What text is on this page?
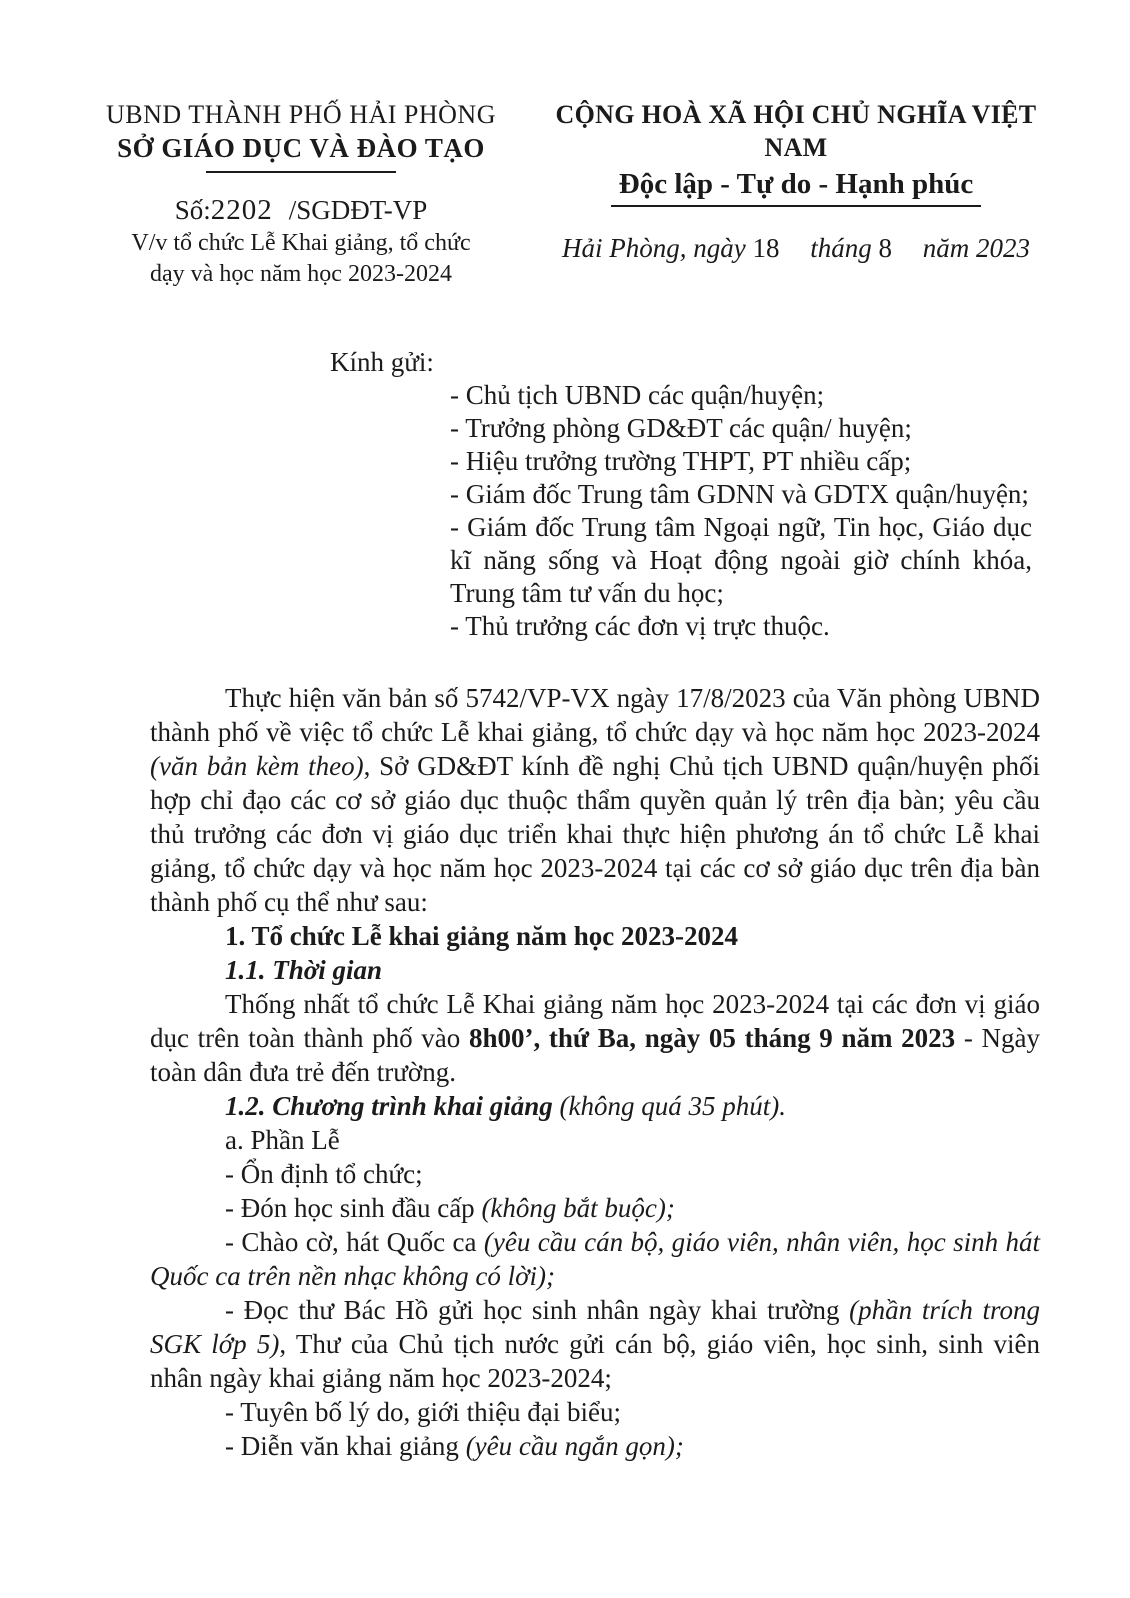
UBND THÀNH PHỐ HẢI PHÒNG
SỞ GIÁO DỤC VÀ ĐÀO TẠO
Số:2202 /SGDĐT-VP
V/v tổ chức Lễ Khai giảng, tổ chức dạy và học năm học 2023-2024
CỘNG HOÀ XÃ HỘI CHỦ NGHĨA VIỆT NAM
Độc lập - Tự do - Hạnh phúc
Hải Phòng, ngày 18 tháng 8 năm 2023
Kính gửi:

- Chủ tịch UBND các quận/huyện;

- Trưởng phòng GD&ĐT các quận/ huyện;

- Hiệu trưởng trường THPT, PT nhiều cấp;

- Giám đốc Trung tâm GDNN và GDTX quận/huyện;

- Giám đốc Trung tâm Ngoại ngữ, Tin học, Giáo dục kĩ năng sống và Hoạt động ngoài giờ chính khóa, Trung tâm tư vấn du học;

- Thủ trưởng các đơn vị trực thuộc.

Thực hiện văn bản số 5742/VP-VX ngày 17/8/2023 của Văn phòng UBND thành phố về việc tổ chức Lễ khai giảng, tổ chức dạy và học năm học 2023-2024 (văn bản kèm theo), Sở GD&ĐT kính đề nghị Chủ tịch UBND quận/huyện phối hợp chỉ đạo các cơ sở giáo dục thuộc thẩm quyền quản lý trên địa bàn; yêu cầu thủ trưởng các đơn vị giáo dục triển khai thực hiện phương án tổ chức Lễ khai giảng, tổ chức dạy và học năm học 2023-2024 tại các cơ sở giáo dục trên địa bàn thành phố cụ thể như sau:

1. Tổ chức Lễ khai giảng năm học 2023-2024

1.1. Thời gian

Thống nhất tổ chức Lễ Khai giảng năm học 2023-2024 tại các đơn vị giáo dục trên toàn thành phố vào 8h00’, thứ Ba, ngày 05 tháng 9 năm 2023 - Ngày toàn dân đưa trẻ đến trường.

1.2. Chương trình khai giảng (không quá 35 phút).

a. Phần Lễ

- Ổn định tổ chức;

- Đón học sinh đầu cấp (không bắt buộc);

- Chào cờ, hát Quốc ca (yêu cầu cán bộ, giáo viên, nhân viên, học sinh hát Quốc ca trên nền nhạc không có lời);

- Đọc thư Bác Hồ gửi học sinh nhân ngày khai trường (phần trích trong SGK lớp 5), Thư của Chủ tịch nước gửi cán bộ, giáo viên, học sinh, sinh viên nhân ngày khai giảng năm học 2023-2024;

- Tuyên bố lý do, giới thiệu đại biểu;

- Diễn văn khai giảng (yêu cầu ngắn gọn);
